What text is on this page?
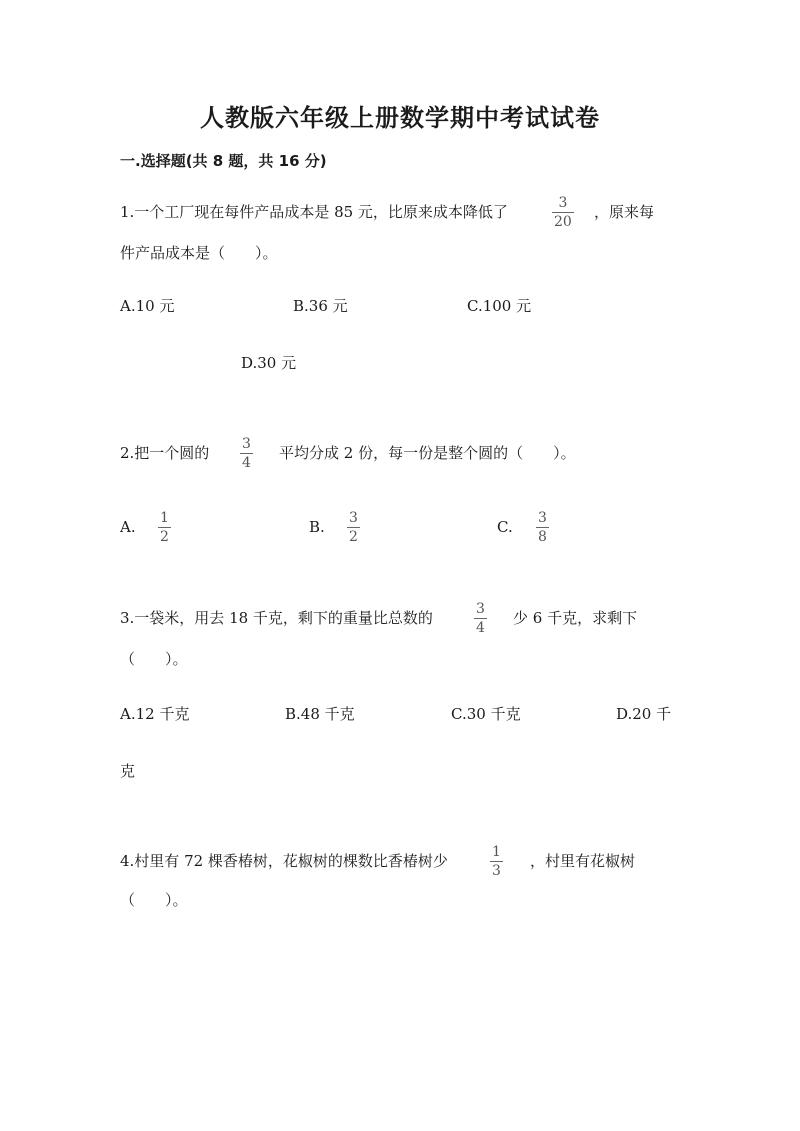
人教版六年级上册数学期中考试试卷
一.选择题(共 8 题，共 16 分)
1.一个工厂现在每件产品成本是 85 元，比原来成本降低了	3
20
，原来每
件产品成本是（　　）。
A.10 元	B.36 元	C.100 元
D.30 元
2.把一个圆的 3
4
平均分成 2 份，每一份是整个圆的（　　）。
A. 1
2
B. 3
2
C. 3
8
3.一袋米，用去 18 千克，剩下的重量比总数的	3
4
少 6 千克，求剩下
（　　）。
A.12 千克	B.48 千克	C.30 千克	D.20 千
克
4.村里有 72 棵香椿树，花椒树的棵数比香椿树少	1
3
，村里有花椒树
（　　）。
